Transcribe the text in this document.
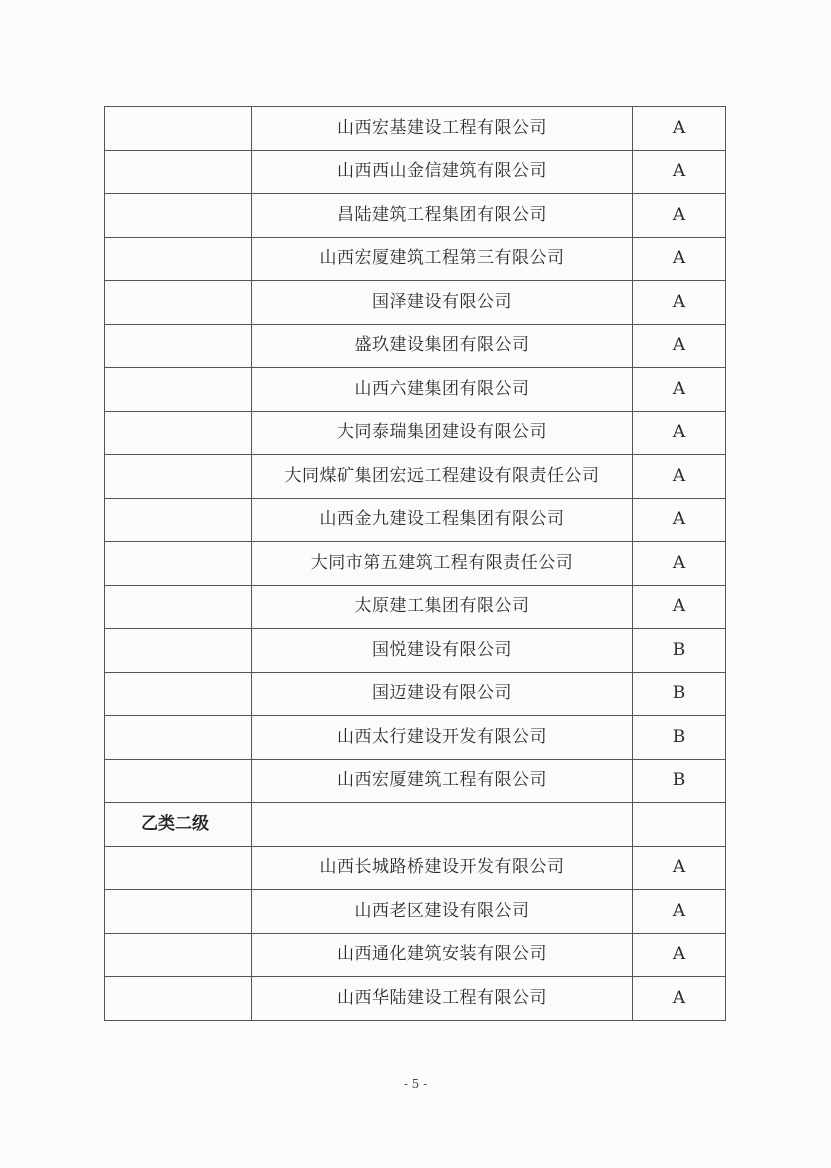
	山西宏基建设工程有限公司	A
	山西西山金信建筑有限公司	A
	昌陆建筑工程集团有限公司	A
	山西宏厦建筑工程第三有限公司	A
	国泽建设有限公司	A
	盛玖建设集团有限公司	A
	山西六建集团有限公司	A
	大同泰瑞集团建设有限公司	A
	大同煤矿集团宏远工程建设有限责任公司	A
	山西金九建设工程集团有限公司	A
	大同市第五建筑工程有限责任公司	A
	太原建工集团有限公司	A
	国悦建设有限公司	B
	国迈建设有限公司	B
	山西太行建设开发有限公司	B
	山西宏厦建筑工程有限公司	B
乙类二级		
	山西长城路桥建设开发有限公司	A
	山西老区建设有限公司	A
	山西通化建筑安装有限公司	A
	山西华陆建设工程有限公司	A
- 5 -
